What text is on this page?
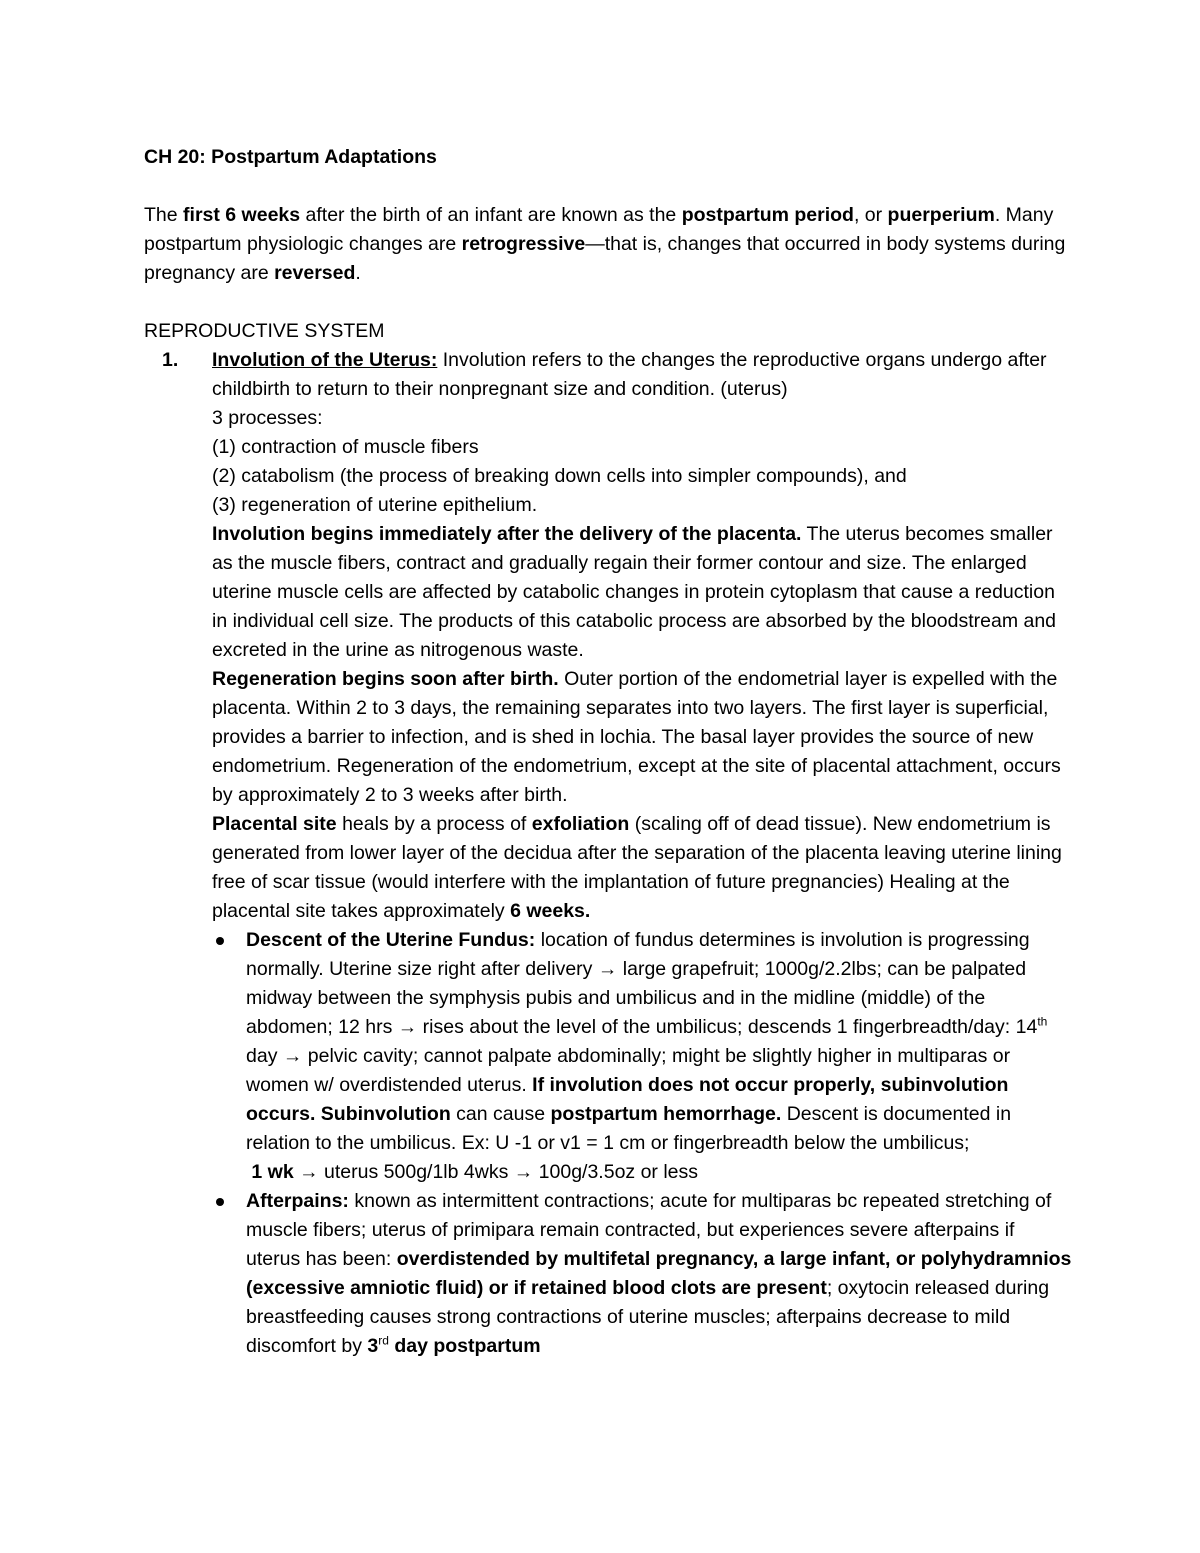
CH 20: Postpartum Adaptations

The first 6 weeks after the birth of an infant are known as the postpartum period, or puerperium. Many postpartum physiologic changes are retrogressive—that is, changes that occurred in body systems during pregnancy are reversed.

REPRODUCTIVE SYSTEM

1. Involution of the Uterus: Involution refers to the changes the reproductive organs undergo after childbirth to return to their nonpregnant size and condition. (uterus)

3 processes:

(1) contraction of muscle fibers

(2) catabolism (the process of breaking down cells into simpler compounds), and

(3) regeneration of uterine epithelium.

Involution begins immediately after the delivery of the placenta. The uterus becomes smaller as the muscle fibers, contract and gradually regain their former contour and size. The enlarged uterine muscle cells are affected by catabolic changes in protein cytoplasm that cause a reduction in individual cell size. The products of this catabolic process are absorbed by the bloodstream and excreted in the urine as nitrogenous waste.

Regeneration begins soon after birth. Outer portion of the endometrial layer is expelled with the placenta. Within 2 to 3 days, the remaining separates into two layers. The first layer is superficial, provides a barrier to infection, and is shed in lochia. The basal layer provides the source of new endometrium. Regeneration of the endometrium, except at the site of placental attachment, occurs by approximately 2 to 3 weeks after birth.

Placental site heals by a process of exfoliation (scaling off of dead tissue). New endometrium is generated from lower layer of the decidua after the separation of the placenta leaving uterine lining free of scar tissue (would interfere with the implantation of future pregnancies) Healing at the placental site takes approximately 6 weeks.

Descent of the Uterine Fundus: location of fundus determines is involution is progressing normally. Uterine size right after delivery → large grapefruit; 1000g/2.2lbs; can be palpated midway between the symphysis pubis and umbilicus and in the midline (middle) of the abdomen; 12 hrs → rises about the level of the umbilicus; descends 1 fingerbreadth/day: 14th day → pelvic cavity; cannot palpate abdominally; might be slightly higher in multiparas or women w/ overdistended uterus. If involution does not occur properly, subinvolution occurs. Subinvolution can cause postpartum hemorrhage. Descent is documented in relation to the umbilicus. Ex: U -1 or v1 = 1 cm or fingerbreadth below the umbilicus;

1 wk → uterus 500g/1lb 4wks → 100g/3.5oz or less

Afterpains: known as intermittent contractions; acute for multiparas bc repeated stretching of muscle fibers; uterus of primipara remain contracted, but experiences severe afterpains if uterus has been: overdistended by multifetal pregnancy, a large infant, or polyhydramnios (excessive amniotic fluid) or if retained blood clots are present; oxytocin released during breastfeeding causes strong contractions of uterine muscles; afterpains decrease to mild discomfort by 3rd day postpartum
